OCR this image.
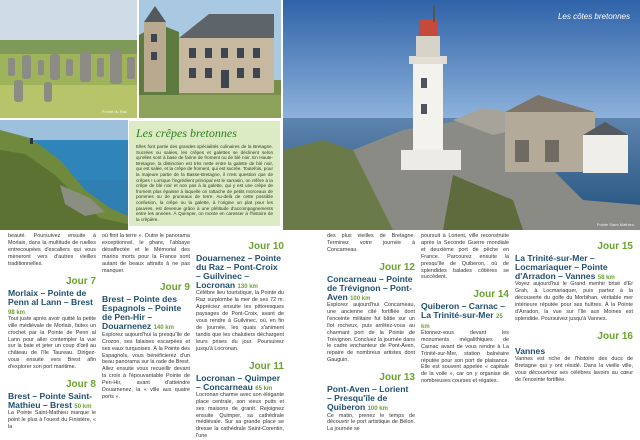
Pointe du Raz
Les côtes bretonnes
Pointe Saint-Mathieu
Les crêpes bretonnes
Elles font partie des grandes spécialités culinaires de la Bretagne. Sucrées ou salées, les crêpes et galettes se déclinent selon qu'elles sont à base de farine de froment ou de blé noir. En Haute-Bretagne, la distinction est très nette entre la galette de blé noir, qui est salée, et la crêpe de froment, qui est sucrée. Toutefois, pour la majeure partie de la Basse-Bretagne, il n'est question que de crêpes ! Lorsque l'ingrédient principal est le sarrasin, on réfère à la crêpe de blé noir et non pas à la galette, qui y est une crêpe de froment plus épaisse à laquelle on rattache de petits morceaux de pommes ou de pruneaux de terre. Au-delà de cette possible confusion, la crêpe ou la galette, à l'origine un plat pour les pauvres, est devenue grâce à une plétitude d'accompagnements entre les années. À Quimper, on monte en caresser à l'histoire de la crêpière.

beauté. Poursuivez ensuite à Morlaix, dans la multitude de ruelles entrecoupées d'escaliers qui vous mèneront vers d'autres vieilles traditionnelles.

Jour 7
Morlaix – Pointe de Penn al Lann – Brest 98 km

Tout juste après avoir quitté la petite ville médiévale de Morlaix, faites un crochet par la Pointe de Penn al Lann pour aller contempler la vue sur la baie et jeter un coup d'œil au château de l'île Taureau. Dirigez-vous ensuite vers Brest afin d'explorer son port maritime.

Jour 8
Brest – Pointe Saint-Mathieu – Brest 50 km

La Pointe Saint-Mathieu marque le point le plus à l'ouest du Finistère, « la

où finit la terre ». Outre le panorama exceptionnel, le phare, l'abbaye désaffectée et le Mémorial des marins morts pour la France sont autant de beaux attraits à ne pas manquer.

Jour 9
Brest – Pointe des Espagnols – Pointe de Pen-Hir – Douarnenez 140 km

Explorez aujourd'hui la presqu'île de Crozon, ses falaises escarpées et ses eaux turquoises. À la Pointe des Espagnols, vous bénéficierez d'un beau panorama sur la rade de Brest. Allez ensuite vous recueillir devant la croix à l'épouvantable Pointe de Pen-Hir, avant d'atteindre Douarnenez, la « ville aux quatre ports ».

Jour 10
Douarnenez – Pointe du Raz – Pont-Croix – Guilvinec – Locronan 130 km

Célèbre lieu touristique, la Pointe du Raz surplombe la mer de ses 72 m. Appréciez ensuite les pittoresques paysages de Pont-Croix, avant de vous rendre à Guilvinec, où, en fin de journée, les quais s'animent tandis que les chalutiers déchargent leurs prises du jour. Poursuivez jusqu'à Locronan.

Jour 11
Locronan – Quimper – Concarneau 65 km

Locronan charme avec son élégante place centrale, son vieux puits et ses maisons de granit. Rejoignez ensuite Quimper, sa cathédrale médiévale. Sur sa grande place se dresse la cathédrale Saint-Corentin, l'une

des plus vieilles de Bretagne. Terminez votre journée à Concarneau.

Jour 12
Concarneau – Pointe de Trévignon – Pont-Aven 100 km

Explorez aujourd'hui Concarneau, une ancienne cité fortifiée dont l'enceinte militaire fut bâtie sur un îlot rocheux, puis arrêtez-vous au charmant port de la Pointe de Trévignon. Concluez la journée dans le cadre enchanteur de Pont-Aven, repaire de nombreux artistes dont Gauguin.

Jour 13
Pont-Aven – Lorient – Presqu'île de Quiberon 100 km

Ce matin, prenez le temps de découvrir le port artistique de Bélon. La journée se

poursuit à Lorient, ville reconstruite après la Seconde Guerre mondiale et deuxième port de pêche en France. Parcourez ensuite la presqu'île de Quiberon, où de splendides balades côtières se succèdent.

Jour 14
Quiberon – Carnac – La Trinité-sur-Mer 25 km

Étonnez-vous devant les monuments mégalithiques de Carnac avant de vous rendre à La Trinité-sur-Mer, station balnéaire réputée pour son port de plaisance. Elle est souvent appelée « capitale de la voile », car on y organise de nombreuses courses et régates.

Jour 15
La Trinité-sur-Mer – Locmariaquer – Pointe d'Arradon – Vannes 58 km

Voyez aujourd'hui le Grand menhir brisé d'Er Grah, à Locmariaquer, puis partez à la découverte du golfe du Morbihan, véritable mer intérieure réputée pour ses huîtres. À la Pointe d'Arradon, la vue sur l'île aux Moines est splendide. Poursuivez jusqu'à Vannes.

Jour 16
Vannes

Vannes est riche de l'histoire des ducs de Bretagne qui y ont résidé. Dans la vieille ville, vous découvrirez ses célèbres lavoirs au cœur de l'enceinte fortifiée.
